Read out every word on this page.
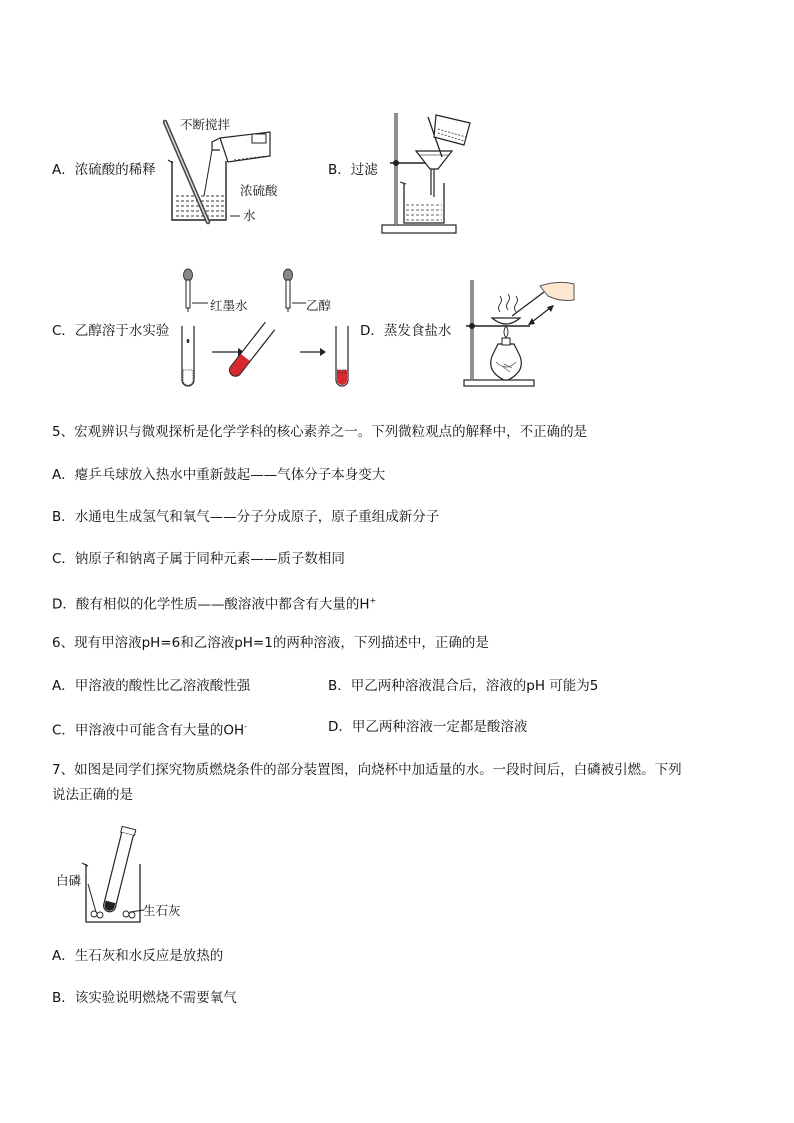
A．浓硫酸的稀释
不断搅拌
浓硫酸
水
B．过滤
C．乙醇溶于水实验
红墨水	乙醇
D．蒸发食盐水
5、宏观辨识与微观探析是化学学科的核心素养之一。下列微粒观点的解释中，不正确的是
A．瘪乒乓球放入热水中重新鼓起——气体分子本身变大
B．水通电生成氢气和氧气——分子分成原子，原子重组成新分子
C．钠原子和钠离子属于同种元素——质子数相同
D．酸有相似的化学性质——酸溶液中都含有大量的H+
6、现有甲溶液pH=6和乙溶液pH=1的两种溶液，下列描述中，正确的是
A．甲溶液的酸性比乙溶液酸性强	B．甲乙两种溶液混合后，溶液的pH 可能为5
C．甲溶液中可能含有大量的OH-	D．甲乙两种溶液一定都是酸溶液
7、如图是同学们探究物质燃烧条件的部分装置图，向烧杯中加适量的水。一段时间后，白磷被引燃。下列
说法正确的是
白磷
生石灰
A．生石灰和水反应是放热的
B．该实验说明燃烧不需要氧气
